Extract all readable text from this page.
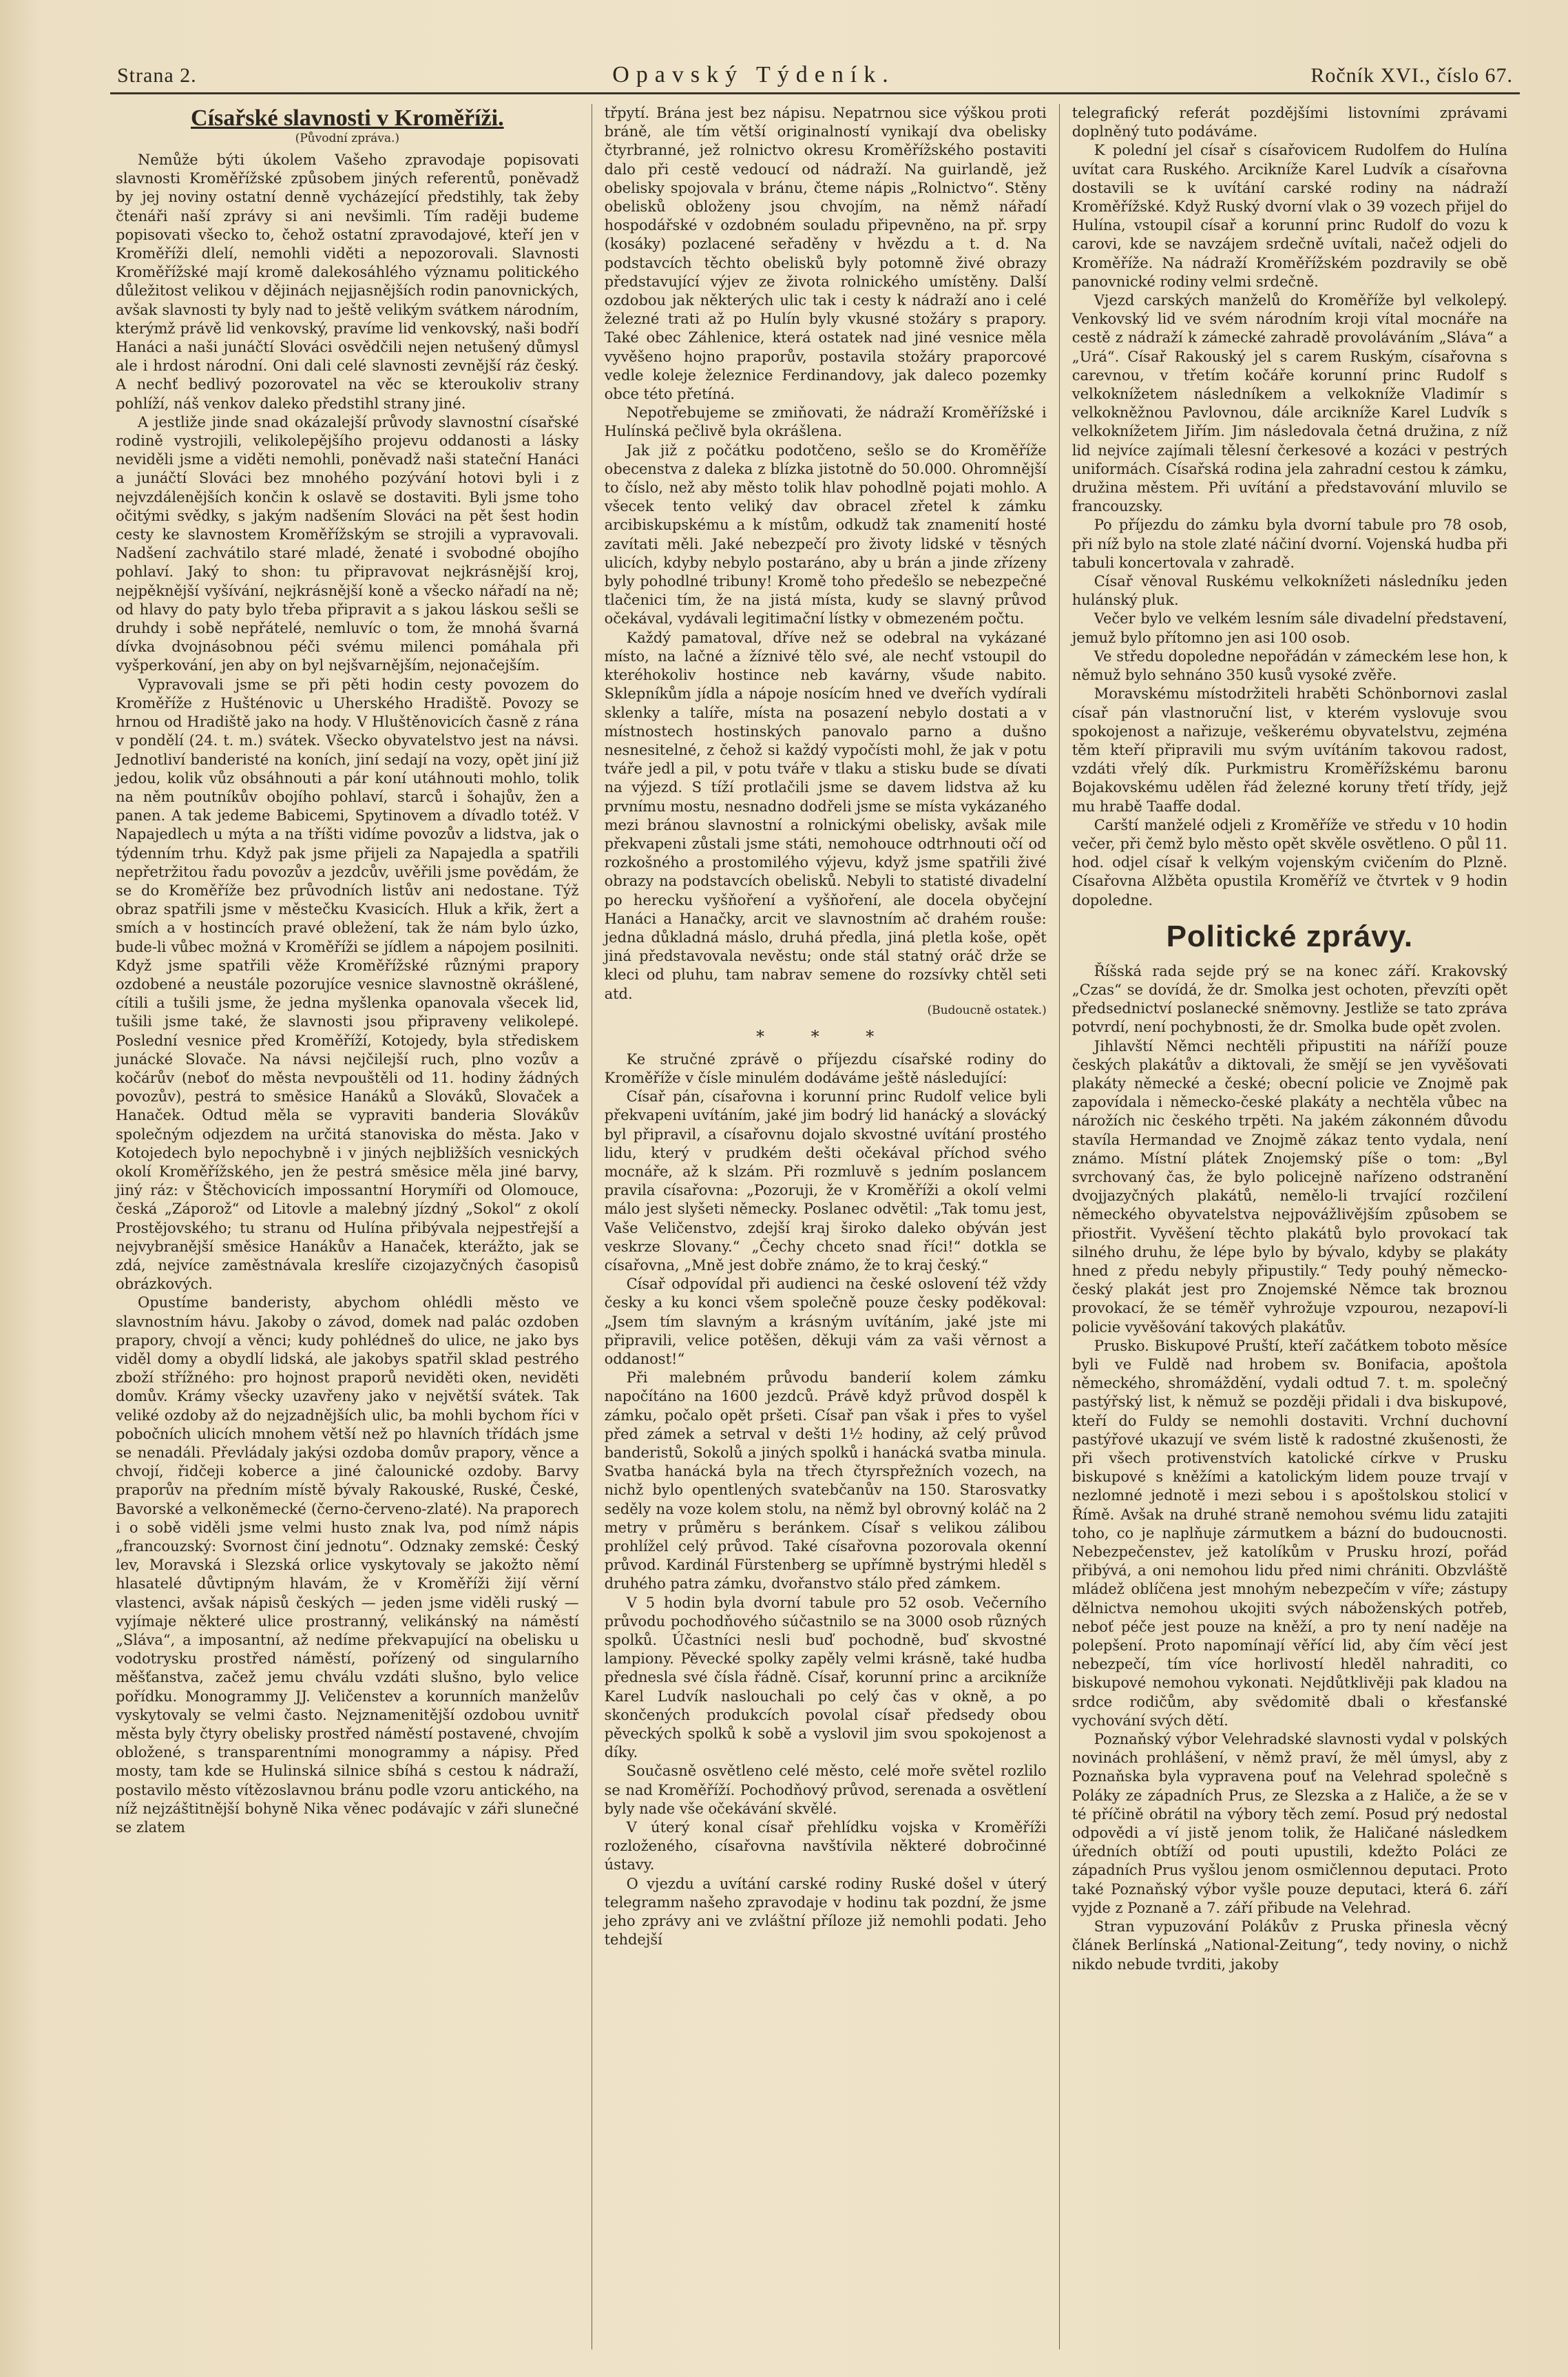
Strana 2.	Opavský Týdeník.	Ročník XVI., číslo 67.
Císařské slavnosti v Kroměříži.
(Původní zpráva.)

Nemůže býti úkolem Vašeho zpravodaje popisovati slavnosti Kroměřížské způsobem jiných referentů, poněvadž by jej noviny ostatní denně vycházející předstihly, tak žeby čtenáři naší zprávy si ani nevšimli. Tím raději budeme popisovati všecko to, čehož ostatní zpravodajové, kteří jen v Kroměříži dlelí, nemohli viděti a nepozorovali. Slavnosti Kroměřížské mají kromě dalekosáhlého významu politického důležitost velikou v dějinách nejjasnějších rodin panovnických, avšak slavnosti ty byly nad to ještě velikým svátkem národním, kterýmž právě lid venkovský, pravíme lid venkovský, naši bodří Hanáci a naši junáčtí Slováci osvědčili nejen netušený důmysl ale i hrdost národní. Oni dali celé slavnosti zevnější ráz český. A nechť bedlivý pozorovatel na věc se kteroukoliv strany pohlíží, náš venkov daleko předstihl strany jiné.

A jestliže jinde snad okázalejší průvody slavnostní císařské rodině vystrojili, velikolepějšího projevu oddanosti a lásky neviděli jsme a viděti nemohli, poněvadž naši stateční Hanáci a junáčtí Slováci bez mnohého pozývání hotovi byli i z nejvzdálenějších končin k oslavě se dostaviti. Byli jsme toho očitými svědky, s jakým nadšením Slováci na pět šest hodin cesty ke slavnostem Kroměřížským se strojili a vypravovali. Nadšení zachvátilo staré mladé, ženaté i svobodné obojího pohlaví. Jaký to shon: tu připravovat nejkrásnější kroj, nejpěknější vyšívání, nejkrásnější koně a všecko nářadí na ně; od hlavy do paty bylo třeba připravit a s jakou láskou sešli se druhdy i sobě nepřátelé, nemluvíc o tom, že mnohá švarná dívka dvojnásobnou péči svému milenci pomáhala při vyšperkování, jen aby on byl nejšvarnějším, nejonačejším.

Vypravovali jsme se při pěti hodin cesty povozem do Kroměříže z Hušténovic u Uherského Hradiště. Povozy se hrnou od Hradiště jako na hody. V Hluštěnovicích časně z rána v pondělí (24. t. m.) svátek. Všecko obyvatelstvo jest na návsi. Jednotliví banderisté na koních, jiní sedají na vozy, opět jiní již jedou, kolik vůz obsáhnouti a pár koní utáhnouti mohlo, tolik na něm poutníkův obojího pohlaví, starců i šohajův, žen a panen. A tak jedeme Babicemi, Spytinovem a dívadlo totéž. V Napajedlech u mýta a na tříšti vidíme povozův a lidstva, jak o týdenním trhu. Když pak jsme přijeli za Napajedla a spatřili nepřetržitou řadu povozův a jezdcův, uvěřili jsme povědám, že se do Kroměříže bez průvodních listův ani nedostane. Týž obraz spatřili jsme v městečku Kvasicích. Hluk a křik, žert a smích a v hostincích pravé obležení, tak že nám bylo úzko, bude-li vůbec možná v Kroměříži se jídlem a nápojem posilniti. Když jsme spatřili věže Kroměřížské různými prapory ozdobené a neustále pozorujíce vesnice slavnostně okrášlené, cítili a tušili jsme, že jedna myšlenka opanovala všecek lid, tušili jsme také, že slavnosti jsou připraveny velikolepé. Poslední vesnice před Kroměříží, Kotojedy, byla střediskem junácké Slovače. Na návsi nejčilejší ruch, plno vozův a kočárův (neboť do města nevpouštěli od 11. hodiny žádných povozův), pestrá to směsice Hanáků a Slováků, Slovaček a Hanaček. Odtud měla se vypraviti banderia Slovákův společným odjezdem na určitá stanoviska do města. Jako v Kotojedech bylo nepochybně i v jiných nejbližších vesnických okolí Kroměřížského, jen že pestrá směsice měla jiné barvy, jiný ráz: v Štěchovicích impossantní Horymíři od Olomouce, česká „Záporož“ od Litovle a malebný jízdný „Sokol“ z okolí Prostějovského; tu stranu od Hulína přibývala nejpestřejší a nejvybranější směsice Hanákův a Hanaček, kterážto, jak se zdá, nejvíce zaměstnávala kreslíře cizojazyčných časopisů obrázkových.

Opustíme banderisty, abychom ohlédli město ve slavnostním hávu. Jakoby o závod, domek nad palác ozdoben prapory, chvojí a věnci; kudy pohlédneš do ulice, ne jako bys viděl domy a obydlí lidská, ale jakobys spatřil sklad pestrého zboží střížného: pro hojnost praporů neviděti oken, neviděti domův. Krámy všecky uzavřeny jako v největší svátek. Tak veliké ozdoby až do nejzadnějších ulic, ba mohli bychom říci v pobočních ulicích mnohem větší než po hlavních třídách jsme se nenadáli. Převládaly jakýsi ozdoba domův prapory, věnce a chvojí, řidčeji koberce a jiné čalounické ozdoby. Barvy praporův na předním místě bývaly Rakouské, Ruské, České, Bavorské a velkoněmecké (černo-červeno-zlaté). Na praporech i o sobě viděli jsme velmi husto znak lva, pod nímž nápis „francouzský: Svornost činí jednotu“. Odznaky zemské: Český lev, Moravská i Slezská orlice vyskytovaly se jakožto němí hlasatelé důvtipným hlavám, že v Kroměříži žijí věrní vlastenci, avšak nápisů českých — jeden jsme viděli ruský — vyjímaje některé ulice prostranný, velikánský na náměstí „Sláva“, a imposantní, až nedíme překvapující na obelisku u vodotrysku prostřed náměstí, pořízený od singularního měšťanstva, začež jemu chválu vzdáti slušno, bylo velice pořídku. Monogrammy JJ. Veličenstev a korunních manželův vyskytovaly se velmi často. Nejznamenitější ozdobou uvnitř města byly čtyry obelisky prostřed náměstí postavené, chvojím obložené, s transparentními monogrammy a nápisy. Před mosty, tam kde se Hulinská silnice sbíhá s cestou k nádraží, postavilo město vítězoslavnou bránu podle vzoru antického, na níž nejzáštitnější bohyně Nika věnec podávajíc v záři slunečné se zlatem

třpytí. Brána jest bez nápisu. Nepatrnou sice výškou proti bráně, ale tím větší originalností vynikají dva obelisky čtyrbranné, jež rolnictvo okresu Kroměřížského postaviti dalo při cestě vedoucí od nádraží. Na guirlandě, jež obelisky spojovala v bránu, čteme nápis „Rolnictvo“. Stěny obelisků obloženy jsou chvojím, na němž nářadí hospodářské v ozdobném souladu připevněno, na př. srpy (kosáky) pozlacené seřaděny v hvězdu a t. d. Na podstavcích těchto obelisků byly potomně živé obrazy představující výjev ze života rolnického umístěny. Další ozdobou jak některých ulic tak i cesty k nádraží ano i celé železné trati až po Hulín byly vkusné stožáry s prapory. Také obec Záhlenice, která ostatek nad jiné vesnice měla vyvěšeno hojno praporův, postavila stožáry praporcové vedle koleje železnice Ferdinandovy, jak daleco pozemky obce této přetíná.

Nepotřebujeme se zmiňovati, že nádraží Kroměřížské i Hulínská pečlivě byla okrášlena.

Jak již z počátku podotčeno, sešlo se do Kroměříže obecenstva z daleka z blízka jistotně do 50.000. Ohromnější to číslo, než aby město tolik hlav pohodlně pojati mohlo. A všecek tento veliký dav obracel zřetel k zámku arcibiskupskému a k místům, odkudž tak znamenití hosté zavítati měli. Jaké nebezpečí pro životy lidské v těsných ulicích, kdyby nebylo postaráno, aby u brán a jinde zřízeny byly pohodlné tribuny! Kromě toho předešlo se nebezpečné tlačenici tím, že na jistá místa, kudy se slavný průvod očekával, vydávali legitimační lístky v obmezeném počtu.

Každý pamatoval, dříve než se odebral na vykázané místo, na lačné a žíznivé tělo své, ale nechť vstoupil do kteréhokoliv hostince neb kavárny, všude nabito. Sklepníkům jídla a nápoje nosícím hned ve dveřích vydírali sklenky a talíře, místa na posazení nebylo dostati a v místnostech hostinských panovalo parno a dušno nesnesitelné, z čehož si každý vypočísti mohl, že jak v potu tváře jedl a pil, v potu tváře v tlaku a stisku bude se dívati na výjezd. S tíží protlačili jsme se davem lidstva až ku prvnímu mostu, nesnadno dodřeli jsme se místa vykázaného mezi bránou slavnostní a rolnickými obelisky, avšak mile překvapeni zůstali jsme státi, nemohouce odtrhnouti očí od rozkošného a prostomilého výjevu, když jsme spatřili živé obrazy na podstavcích obelisků. Nebyli to statisté divadelní po herecku vyšňoření a vyšňoření, ale docela obyčejní Hanáci a Hanačky, arcit ve slavnostním ač drahém rouše: jedna důkladná máslo, druhá předla, jiná pletla koše, opět jiná představovala nevěstu; onde stál statný oráč drže se kleci od pluhu, tam nabrav semene do rozsívky chtěl seti atd.

(Budoucně ostatek.)
* * *

Ke stručné zprávě o příjezdu císařské rodiny do Kroměříže v čísle minulém dodáváme ještě následující:

Císař pán, císařovna i korunní princ Rudolf velice byli překvapeni uvítáním, jaké jim bodrý lid hanácký a slovácký byl připravil, a císařovnu dojalo skvostné uvítání prostého lidu, který v prudkém dešti očekával příchod svého mocnáře, až k slzám. Při rozmluvě s jedním poslancem pravila císařovna: „Pozoruji, že v Kroměříži a okolí velmi málo jest slyšeti německy. Poslanec odvětil: „Tak tomu jest, Vaše Veličenstvo, zdejší kraj široko daleko obýván jest veskrze Slovany.“ „Čechy chceto snad říci!“ dotkla se císařovna, „Mně jest dobře známo, že to kraj český.“

Císař odpovídal při audienci na české oslovení též vždy česky a ku konci všem společně pouze česky poděkoval: „Jsem tím slavným a krásným uvítáním, jaké jste mi připravili, velice potěšen, děkuji vám za vaši věrnost a oddanost!“

Při malebném průvodu banderií kolem zámku napočítáno na 1600 jezdců. Právě když průvod dospěl k zámku, počalo opět pršeti. Císař pan však i přes to vyšel před zámek a setrval v dešti 1½ hodiny, až celý průvod banderistů, Sokolů a jiných spolků i hanácká svatba minula. Svatba hanácká byla na třech čtyrspřežních vozech, na nichž bylo opentlených svatebčanův na 150. Starosvatky seděly na voze kolem stolu, na němž byl obrovný koláč na 2 metry v průměru s beránkem. Císař s velikou zálibou prohlížel celý průvod. Také císařovna pozorovala okenní průvod. Kardinál Fürstenberg se upřímně bystrými hleděl s druhého patra zámku, dvořanstvo stálo před zámkem.

V 5 hodin byla dvorní tabule pro 52 osob. Večerního průvodu pochodňového súčastnilo se na 3000 osob různých spolků. Účastníci nesli buď pochodně, buď skvostné lampiony. Pěvecké spolky zapěly velmi krásně, také hudba přednesla své čísla řádně. Císař, korunní princ a arcikníže Karel Ludvík naslouchali po celý čas v okně, a po skončených produkcích povolal císař předsedy obou pěveckých spolků k sobě a vyslovil jim svou spokojenost a díky.

Současně osvětleno celé město, celé moře světel rozlilo se nad Kroměříží. Pochodňový průvod, serenada a osvětlení byly nade vše očekávání skvělé.

V úterý konal císař přehlídku vojska v Kroměříži rozloženého, císařovna navštívila některé dobročinné ústavy.

O vjezdu a uvítání carské rodiny Ruské došel v úterý telegramm našeho zpravodaje v hodinu tak pozdní, že jsme jeho zprávy ani ve zvláštní příloze již nemohli podati. Jeho tehdejší

telegrafický referát pozdějšími listovními zprávami doplněný tuto podáváme.

K polední jel císař s císařovicem Rudolfem do Hulína uvítat cara Ruského. Arcikníže Karel Ludvík a císařovna dostavili se k uvítání carské rodiny na nádraží Kroměřížské. Když Ruský dvorní vlak o 39 vozech přijel do Hulína, vstoupil císař a korunní princ Rudolf do vozu k carovi, kde se navzájem srdečně uvítali, načež odjeli do Kroměříže. Na nádraží Kroměřížském pozdravily se obě panovnické rodiny velmi srdečně.

Vjezd carských manželů do Kroměříže byl velkolepý. Venkovský lid ve svém národním kroji vítal mocnáře na cestě z nádraží k zámecké zahradě provoláváním „Sláva“ a „Urá“. Císař Rakouský jel s carem Ruským, císařovna s carevnou, v třetím kočáře korunní princ Rudolf s velkoknížetem následníkem a velkokníže Vladimír s velkokněžnou Pavlovnou, dále arcikníže Karel Ludvík s velkoknížetem Jiřím. Jim následovala četná družina, z níž lid nejvíce zajímali tělesní čerkesové a kozáci v pestrých uniformách. Císařská rodina jela zahradní cestou k zámku, družina městem. Při uvítání a představování mluvilo se francouzsky.

Po příjezdu do zámku byla dvorní tabule pro 78 osob, při níž bylo na stole zlaté náčiní dvorní. Vojenská hudba při tabuli koncertovala v zahradě.

Císař věnoval Ruskému velkoknížeti následníku jeden hulánský pluk.

Večer bylo ve velkém lesním sále divadelní představení, jemuž bylo přítomno jen asi 100 osob.

Ve středu dopoledne nepořádán v zámeckém lese hon, k němuž bylo sehnáno 350 kusů vysoké zvěře.

Moravskému místodržiteli hraběti Schönbornovi zaslal císař pán vlastnoruční list, v kterém vyslovuje svou spokojenost a nařizuje, veškerému obyvatelstvu, zejména těm kteří připravili mu svým uvítáním takovou radost, vzdáti vřelý dík. Purkmistru Kroměřížskému baronu Bojakovskému udělen řád železné koruny třetí třídy, jejž mu hrabě Taaffe dodal.

Carští manželé odjeli z Kroměříže ve středu v 10 hodin večer, při čemž bylo město opět skvěle osvětleno. O půl 11. hod. odjel císař k velkým vojenským cvičením do Plzně. Císařovna Alžběta opustila Kroměříž ve čtvrtek v 9 hodin dopoledne.

Politické zprávy.

Říšská rada sejde prý se na konec září. Krakovský „Czas“ se dovídá, že dr. Smolka jest ochoten, převzíti opět předsednictví poslanecké sněmovny. Jestliže se tato zpráva potvrdí, není pochybnosti, že dr. Smolka bude opět zvolen.

Jihlavští Němci nechtěli připustiti na náříží pouze českých plakátův a diktovali, že smějí se jen vyvěšovati plakáty německé a české; obecní policie ve Znojmě pak zapovídala i německo-české plakáty a nechtěla vůbec na nárožích nic českého trpěti. Na jakém zákonném důvodu stavíla Hermandad ve Znojmě zákaz tento vydala, není známo. Místní plátek Znojemský píše o tom: „Byl svrchovaný čas, že bylo policejně nařízeno odstranění dvojjazyčných plakátů, nemělo-li trvající rozčilení německého obyvatelstva nejpovážlivějším způsobem se přiostřit. Vyvěšení těchto plakátů bylo provokací tak silného druhu, že lépe bylo by bývalo, kdyby se plakáty hned z předu nebyly připustily.“ Tedy pouhý německo-český plakát jest pro Znojemské Němce tak broznou provokací, že se téměř vyhrožuje vzpourou, nezapoví-li policie vyvěšování takových plakátův.

Prusko. Biskupové Pruští, kteří začátkem toboto měsíce byli ve Fuldě nad hrobem sv. Bonifacia, apoštola německého, shromáždění, vydali odtud 7. t. m. společný pastýřský list, k němuž se později přidali i dva biskupové, kteří do Fuldy se nemohli dostaviti. Vrchní duchovní pastýřové ukazují ve svém listě k radostné zkušenosti, že při všech protivenstvích katolické církve v Prusku biskupové s kněžími a katolickým lidem pouze trvají v nezlomné jednotě i mezi sebou i s apoštolskou stolicí v Římě. Avšak na druhé straně nemohou svému lidu zatajiti toho, co je naplňuje zármutkem a bázní do budoucnosti. Nebezpečenstev, jež katolíkům v Prusku hrozí, pořád přibývá, a oni nemohou lidu před nimi chrániti. Obzvláště mládež oblíčena jest mnohým nebezpečím v víře; zástupy dělnictva nemohou ukojiti svých náboženských potřeb, neboť péče jest pouze na kněží, a pro ty není naděje na polepšení. Proto napomínají věřící lid, aby čím věcí jest nebezpečí, tím více horlivostí hleděl nahraditi, co biskupové nemohou vykonati. Nejdůtklivěji pak kladou na srdce rodičům, aby svědomitě dbali o křesťanské vychování svých dětí.

Poznaňský výbor Velehradské slavnosti vydal v polských novinách prohlášení, v němž praví, že měl úmysl, aby z Poznaňska byla vypravena pouť na Velehrad společně s Poláky ze západních Prus, ze Slezska a z Haliče, a že se v té příčině obrátil na výbory těch zemí. Posud prý nedostal odpovědi a ví jistě jenom tolik, že Haličané následkem úředních obtíží od pouti upustili, kdežto Poláci ze západních Prus vyšlou jenom osmičlennou deputaci. Proto také Poznaňský výbor vyšle pouze deputaci, která 6. září vyjde z Poznaně a 7. září přibude na Velehrad.

Stran vypuzování Polákův z Pruska přinesla věcný článek Berlínská „National-Zeitung“, tedy noviny, o nichž nikdo nebude tvrditi, jakoby
